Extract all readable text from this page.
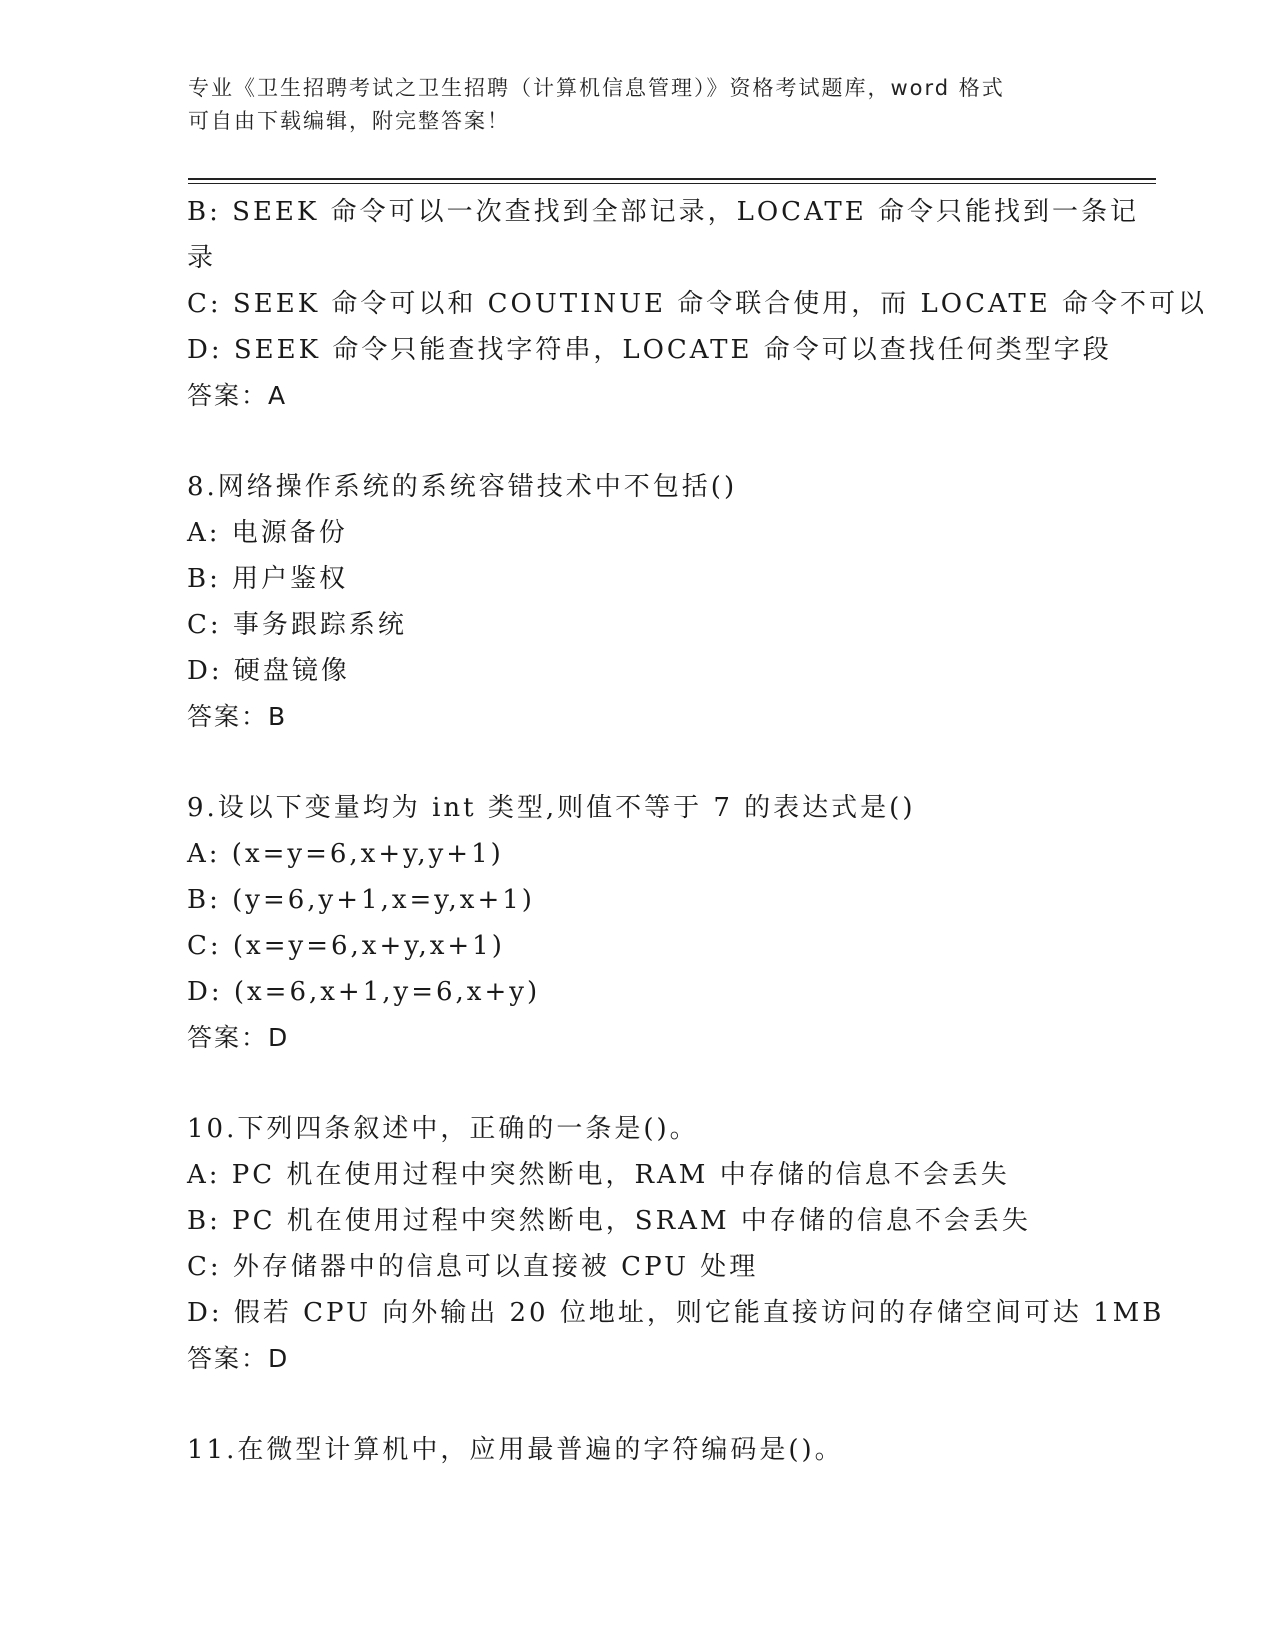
专业《卫生招聘考试之卫生招聘（计算机信息管理）》资格考试题库，word 格式
可自由下载编辑，附完整答案！
B: SEEK 命令可以一次查找到全部记录，LOCATE 命令只能找到一条记
录
C: SEEK 命令可以和 COUTINUE 命令联合使用，而 LOCATE 命令不可以
D: SEEK 命令只能查找字符串，LOCATE 命令可以查找任何类型字段
答案：A
8.网络操作系统的系统容错技术中不包括()
A: 电源备份
B: 用户鉴权
C: 事务跟踪系统
D: 硬盘镜像
答案：B
9.设以下变量均为 int 类型,则值不等于 7 的表达式是()
A: (x=y=6,x+y,y+1)
B: (y=6,y+1,x=y,x+1)
C: (x=y=6,x+y,x+1)
D: (x=6,x+1,y=6,x+y)
答案：D
10.下列四条叙述中，正确的一条是()。
A: PC 机在使用过程中突然断电，RAM 中存储的信息不会丢失
B: PC 机在使用过程中突然断电，SRAM 中存储的信息不会丢失
C: 外存储器中的信息可以直接被 CPU 处理
D: 假若 CPU 向外输出 20 位地址，则它能直接访问的存储空间可达 1MB
答案：D
11.在微型计算机中，应用最普遍的字符编码是()。
